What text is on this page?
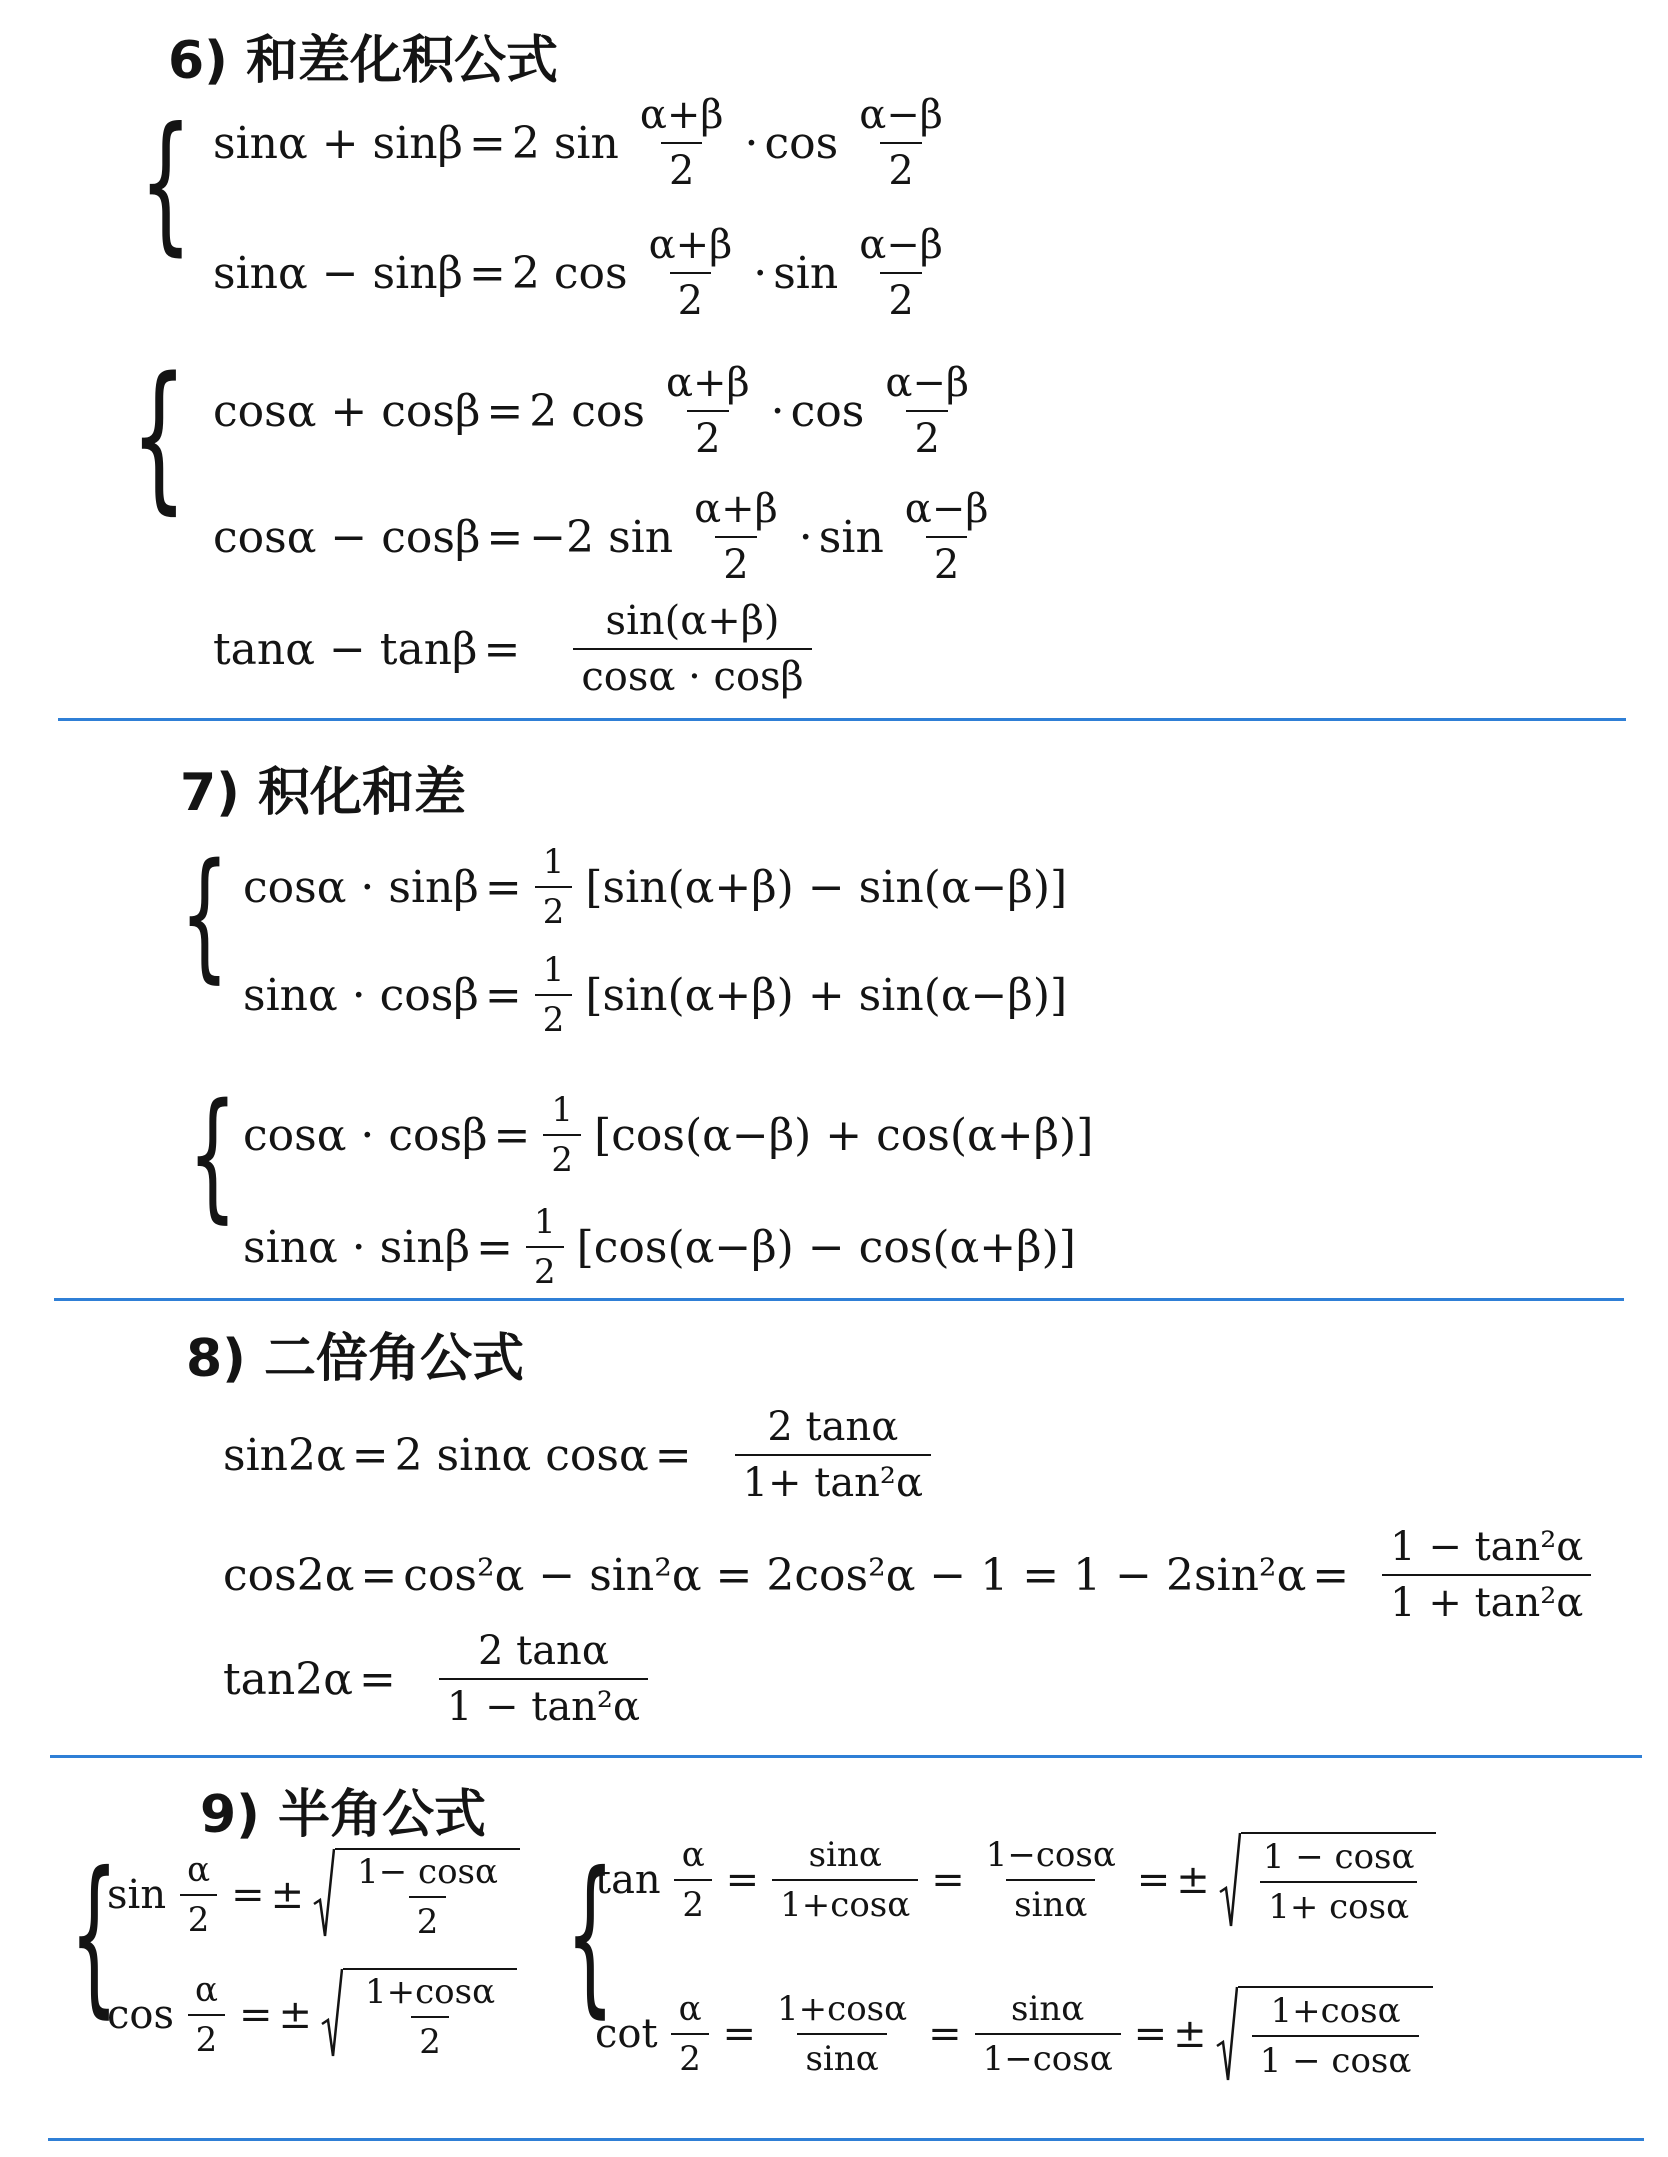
6) 和差化积公式
{ sinα + sinβ = 2 $\sin \frac{\alpha+\beta}{2} \cdot \cos \frac{\alpha-\beta}{2}$
sinα − sinβ = 2 $\cos \frac{\alpha+\beta}{2} \cdot \sin \frac{\alpha-\beta}{2}$
{ cosα + cosβ = 2 $\cos \frac{\alpha+\beta}{2} \cdot \cos \frac{\alpha-\beta}{2}$
cosα − cosβ = −2 $\sin \frac{\alpha+\beta}{2} \cdot \sin \frac{\alpha-\beta}{2}$
$\tan\alpha - \tan\beta = \frac{\sin(\alpha+\beta)}{\cos\alpha \cdot \cos\beta}$
7) 积化和差
{ $\cos\alpha \cdot \sin\beta = \frac{1}{2} [\sin(\alpha+\beta) - \sin(\alpha-\beta)]$
$\sin\alpha \cdot \cos\beta = \frac{1}{2} [\sin(\alpha+\beta) + \sin(\alpha-\beta)]$
{ $\cos\alpha \cdot \cos\beta = \frac{1}{2} [\cos(\alpha-\beta) + \cos(\alpha+\beta)]$
$\sin\alpha \cdot \sin\beta = \frac{1}{2} [\cos(\alpha-\beta) - \cos(\alpha+\beta)]$
8) 二倍角公式
sin2α = 2 sinα $\cos\alpha = \frac{2 \tan\alpha}{\text{1+ tan²α}}$
$\cos 2\alpha = \cos^2\alpha - \sin^2\alpha = 2\cos^2\alpha - 1 = 1 - 2\sin^2\alpha = \frac{\text{1 − tan²α}}{\text{1 + tan²α}}$
$\tan 2\alpha = \frac{2 \tan\alpha}{\text{1 − tan²α}}$
9) 半角公式
{
$\sin \frac{\alpha}{2}$ = ± $\frac{1- \cos\alpha}{2}$
$\cos \frac{\alpha}{2}$ = ± $\frac{1+\cos\alpha}{2}$ {
$\tan \frac{\alpha}{2} = \frac{\sin\alpha}{1+\cos\alpha} = \frac{1-\cos\alpha}{\sin\alpha}$ = ± $\frac{1 - \cos\alpha}{1+ \cos\alpha}$
$\cot \frac{\alpha}{2} = \frac{1+\cos\alpha}{\sin\alpha} = \frac{\sin\alpha}{1-\cos\alpha}$ = ± $\frac{1+\cos\alpha}{1 - \cos\alpha}$
